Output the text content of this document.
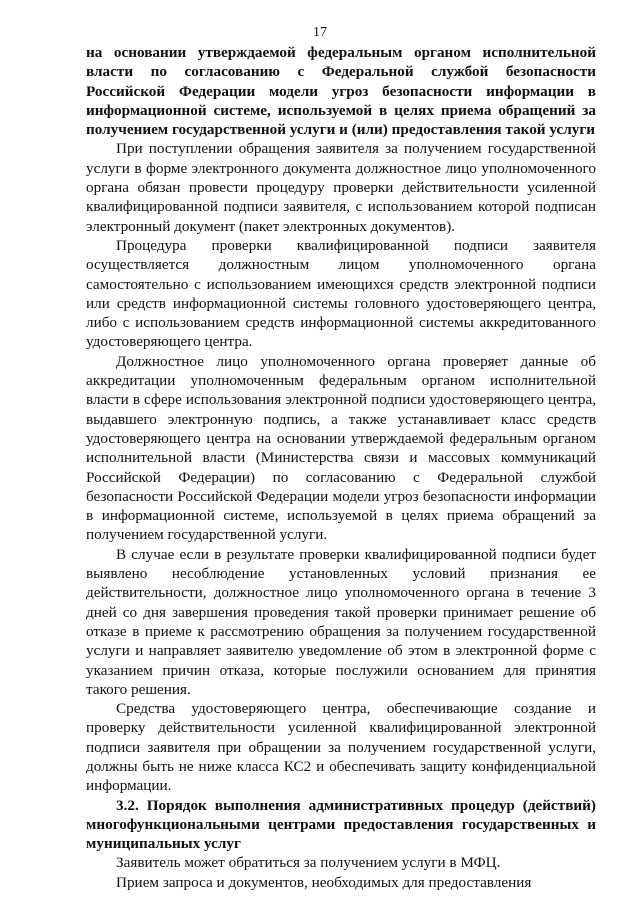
17

на основании утверждаемой федеральным органом исполнительной власти по согласованию с Федеральной службой безопасности Российской Федерации модели угроз безопасности информации в информационной системе, используемой в целях приема обращений за получением государственной услуги и (или) предоставления такой услуги

При поступлении обращения заявителя за получением государственной услуги в форме электронного документа должностное лицо уполномоченного органа обязан провести процедуру проверки действительности усиленной квалифицированной подписи заявителя, с использованием которой подписан электронный документ (пакет электронных документов).

Процедура проверки квалифицированной подписи заявителя осуществляется должностным лицом уполномоченного органа самостоятельно с использованием имеющихся средств электронной подписи или средств информационной системы головного удостоверяющего центра, либо с использованием средств информационной системы аккредитованного удостоверяющего центра.

Должностное лицо уполномоченного органа проверяет данные об аккредитации уполномоченным федеральным органом исполнительной власти в сфере использования электронной подписи удостоверяющего центра, выдавшего электронную подпись, а также устанавливает класс средств удостоверяющего центра на основании утверждаемой федеральным органом исполнительной власти (Министерства связи и массовых коммуникаций Российской Федерации) по согласованию с Федеральной службой безопасности Российской Федерации модели угроз безопасности информации в информационной системе, используемой в целях приема обращений за получением государственной услуги.

В случае если в результате проверки квалифицированной подписи будет выявлено несоблюдение установленных условий признания ее действительности, должностное лицо уполномоченного органа в течение 3 дней со дня завершения проведения такой проверки принимает решение об отказе в приеме к рассмотрению обращения за получением государственной услуги и направляет заявителю уведомление об этом в электронной форме с указанием причин отказа, которые послужили основанием для принятия такого решения.

Средства удостоверяющего центра, обеспечивающие создание и проверку действительности усиленной квалифицированной электронной подписи заявителя при обращении за получением государственной услуги, должны быть не ниже класса КС2 и обеспечивать защиту конфиденциальной информации.

3.2. Порядок выполнения административных процедур (действий) многофункциональными центрами предоставления государственных и муниципальных услуг

Заявитель может обратиться за получением услуги в МФЦ.

Прием запроса и документов, необходимых для предоставления
